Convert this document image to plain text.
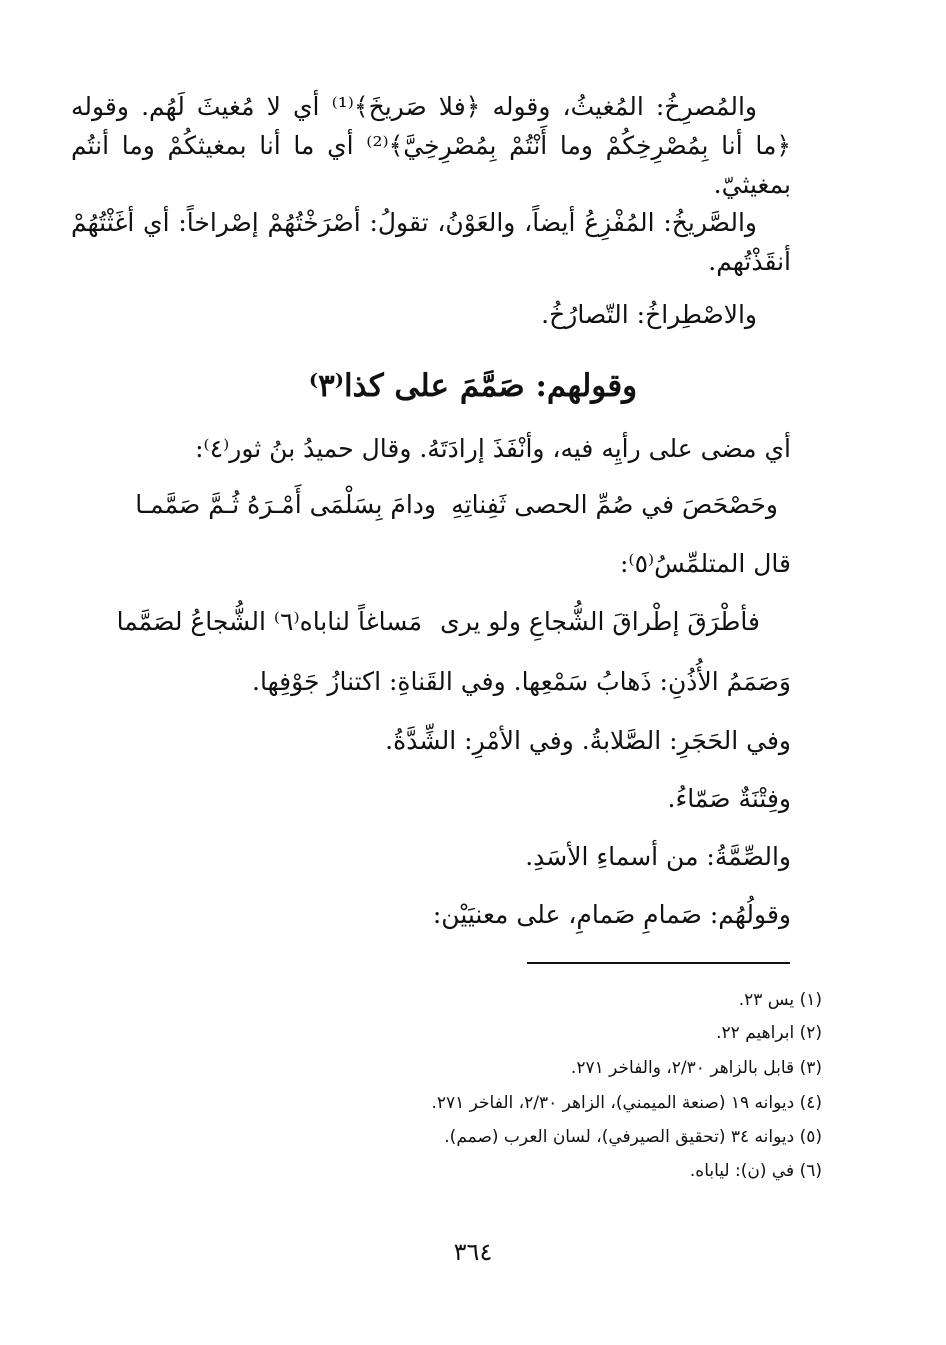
والمُصرِخُ: المُغيثُ، وقوله ﴿فلا صَريخَ﴾⁽¹⁾ أي لا مُغيثَ لَهُم. وقوله ﴿ما أنا بِمُصْرِخِكُمْ وما أَنْتُمْ بِمُصْرِخِيَّ﴾⁽²⁾ أي ما أنا بمغيثكُمْ وما أنتُم بمغيثيّ.

والصَّريخُ: المُفْزِعُ أيضاً، والعَوْنُ، تقولُ: أصْرَخْتُهُمْ إصْراخاً: أي أغَثْتُهُمْ أنقَذْتُهم.

والاصْطِراخُ: التّصارُخُ.

وقولهم: صَمَّمَ على كذا⁽٣⁾
أي مضى على رأيِه فيه، وأنْفَذَ إرادَتَهُ. وقال حميدُ بنُ ثور⁽٤⁾:
وحَصْحَصَ في صُمِّ الحصى ثَفِناتِهِ
ودامَ بِسَلْمَى أَمْـرَهُ ثُـمَّ صَمَّمـا
قال المتلمِّسُ⁽٥⁾:
فأطْرَقَ إطْراقَ الشُّجاعِ ولو يرى
مَساغاً لناباه⁽٦⁾ الشُّجاعُ لصَمَّما
وَصَمَمُ الأُذُنِ: ذَهابُ سَمْعِها. وفي القَناةِ: اكتنازُ جَوْفِها.
وفي الحَجَرِ: الصَّلابةُ. وفي الأمْرِ: الشِّدَّةُ.
وفِتْنَةٌ صَمّاءُ.
والصِّمَّةُ: من أسماءِ الأسَدِ.
وقولُهُم: صَمامِ صَمامِ، على معنيَيْن:
(١) يس ٢٣.
(٢) ابراهيم ٢٢.
(٣) قابل بالزاهر ٢/٣٠، والفاخر ٢٧١.
(٤) ديوانه ١٩ (صنعة الميمني)، الزاهر ٢/٣٠، الفاخر ٢٧١.
(٥) ديوانه ٣٤ (تحقيق الصيرفي)، لسان العرب (صمم).
(٦) في (ن): لياباه.
٣٦٤
